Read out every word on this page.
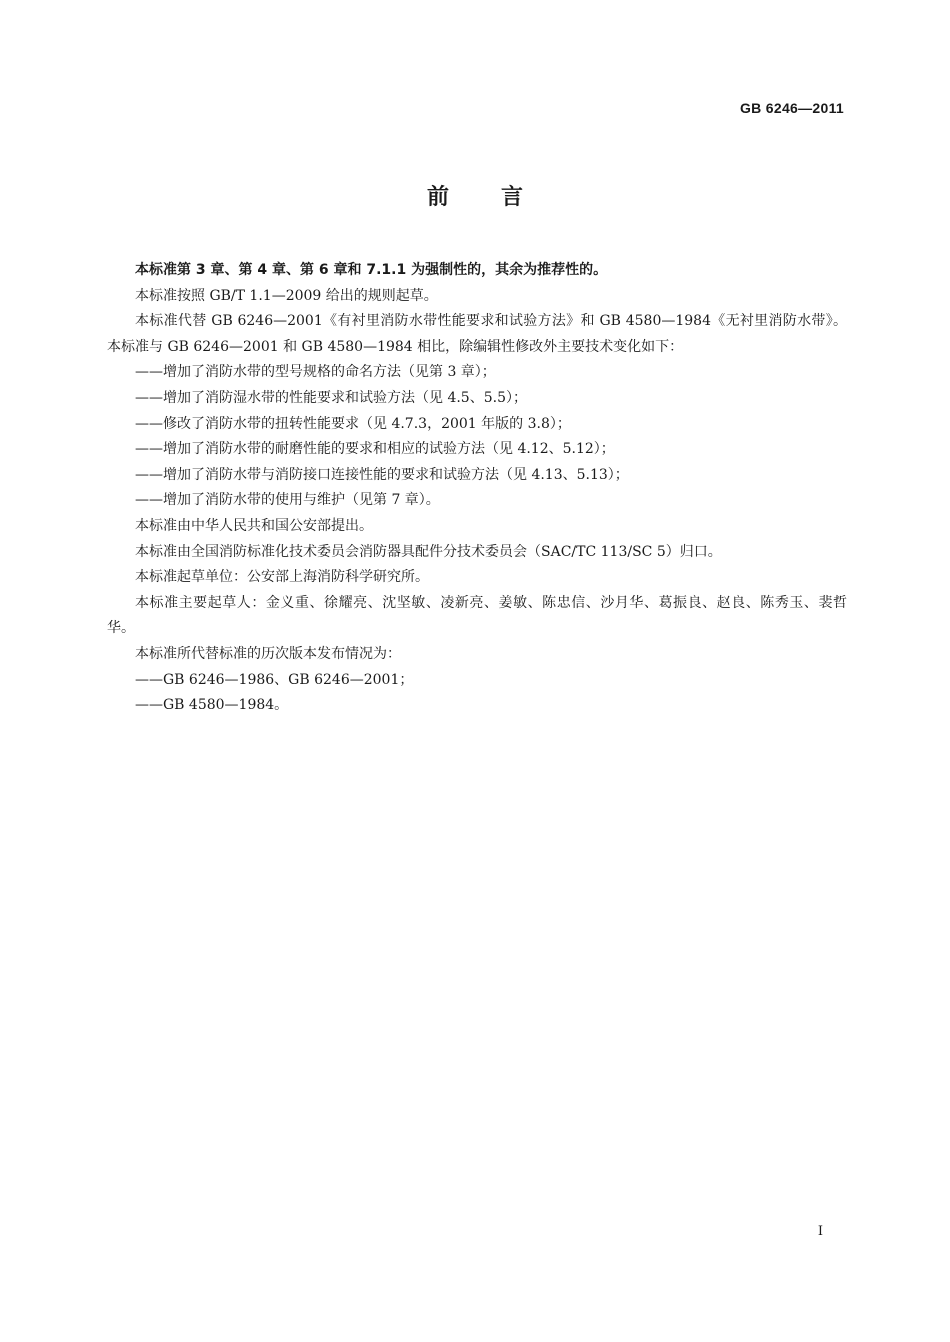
GB 6246—2011
前言

本标准第 3 章、第 4 章、第 6 章和 7.1.1 为强制性的，其余为推荐性的。

本标准按照 GB/T 1.1—2009 给出的规则起草。

本标准代替 GB 6246—2001《有衬里消防水带性能要求和试验方法》和 GB 4580—1984《无衬里消防水带》。本标准与 GB 6246—2001 和 GB 4580—1984 相比，除编辑性修改外主要技术变化如下：

——增加了消防水带的型号规格的命名方法（见第 3 章）；

——增加了消防湿水带的性能要求和试验方法（见 4.5、5.5）；

——修改了消防水带的扭转性能要求（见 4.7.3，2001 年版的 3.8）；

——增加了消防水带的耐磨性能的要求和相应的试验方法（见 4.12、5.12）；

——增加了消防水带与消防接口连接性能的要求和试验方法（见 4.13、5.13）；

——增加了消防水带的使用与维护（见第 7 章）。

本标准由中华人民共和国公安部提出。

本标准由全国消防标准化技术委员会消防器具配件分技术委员会（SAC/TC 113/SC 5）归口。

本标准起草单位：公安部上海消防科学研究所。

本标准主要起草人：金义重、徐耀亮、沈坚敏、凌新亮、姜敏、陈忠信、沙月华、葛振良、赵良、陈秀玉、裴哲华。

本标准所代替标准的历次版本发布情况为：

——GB 6246—1986、GB 6246—2001；

——GB 4580—1984。

I
